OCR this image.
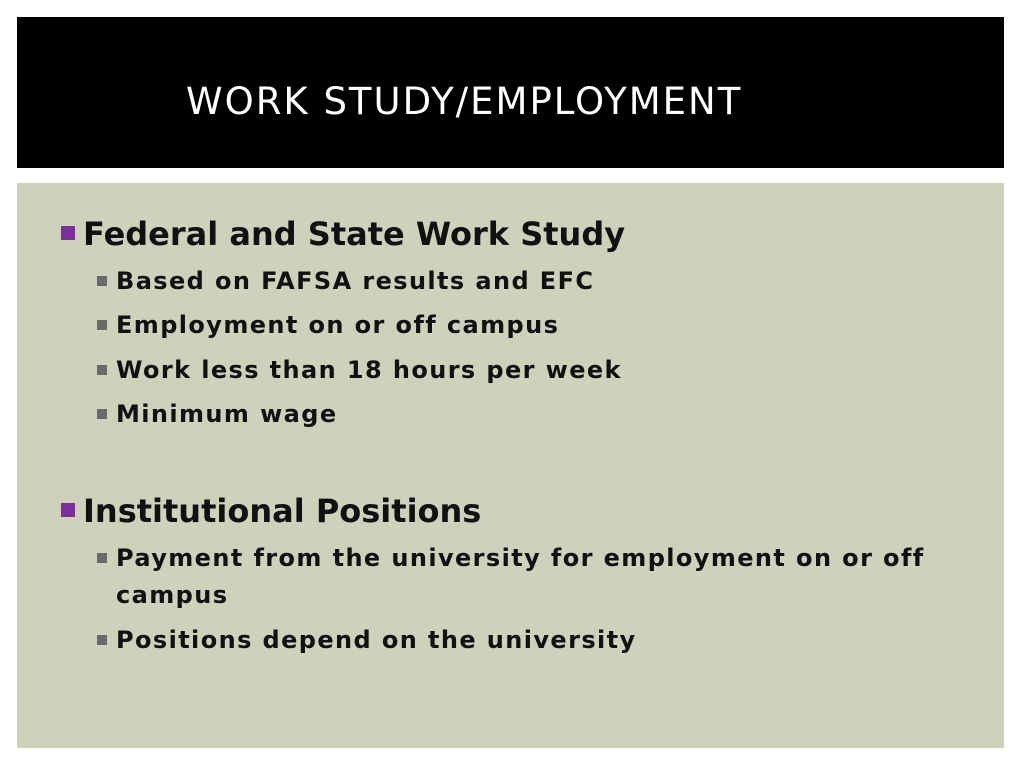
WORK STUDY/EMPLOYMENT
Federal and State Work Study
Based on FAFSA results and EFC
Employment on or off campus
Work less than 18 hours per week
Minimum wage
Institutional Positions
Payment from the university for employment on or off campus
Positions depend on the university
